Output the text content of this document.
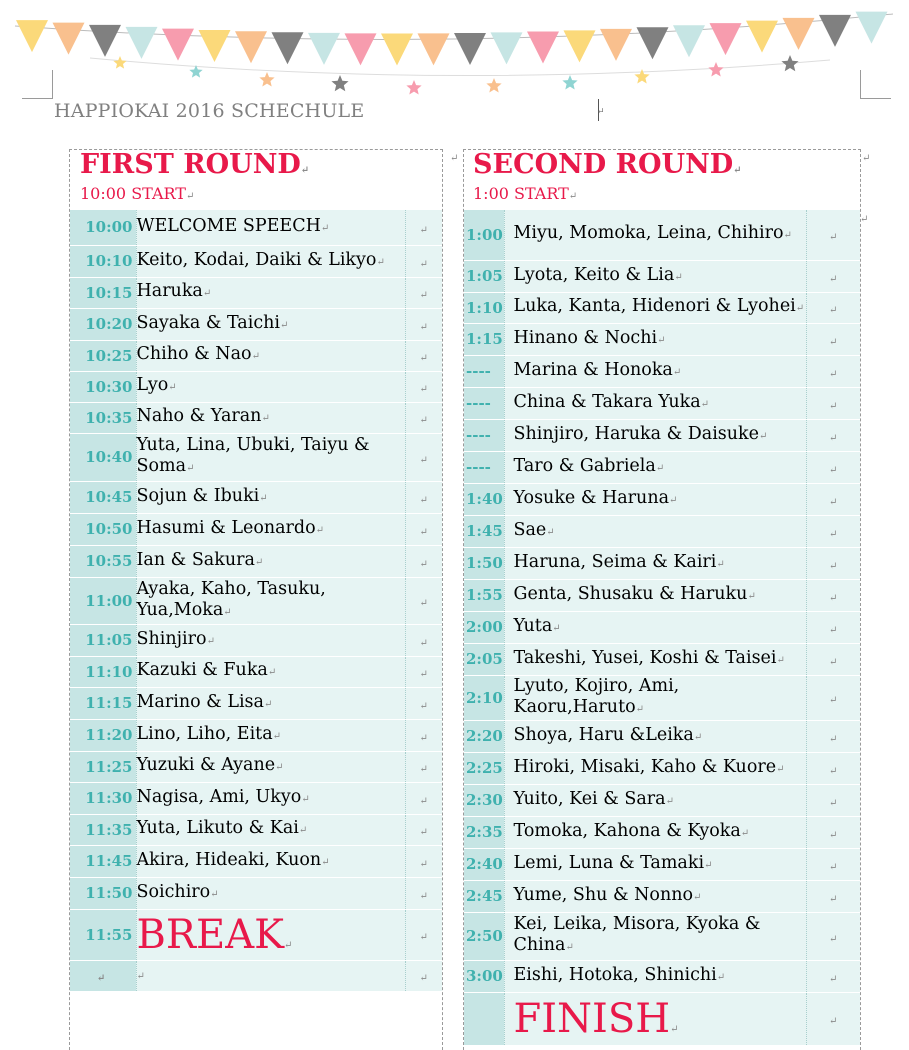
HAPPIOKAI 2016 SCHECHULE
↵
↵	↵
↵
FIRST ROUND↵
10:00 START↵
10:00	WELCOME SPEECH↵	↵
10:10	Keito, Kodai, Daiki & Likyo↵	↵
10:15	Haruka↵	↵
10:20	Sayaka & Taichi↵	↵
10:25	Chiho & Nao↵	↵
10:30	Lyo↵	↵
10:35	Naho & Yaran↵	↵
10:40	Yuta, Lina, Ubuki, Taiyu & Soma↵	↵
10:45	Sojun & Ibuki↵	↵
10:50	Hasumi & Leonardo↵	↵
10:55	Ian & Sakura↵	↵
11:00	Ayaka, Kaho, Tasuku, Yua,Moka↵	↵
11:05	Shinjiro↵	↵
11:10	Kazuki & Fuka↵	↵
11:15	Marino & Lisa↵	↵
11:20	Lino, Liho, Eita↵	↵
11:25	Yuzuki & Ayane↵	↵
11:30	Nagisa, Ami, Ukyo↵	↵
11:35	Yuta, Likuto & Kai↵	↵
11:45	Akira, Hideaki, Kuon↵	↵
11:50	Soichiro↵	↵
11:55	BREAK↵	↵
↵	↵	↵
SECOND ROUND↵
1:00 START↵
1:00	Miyu, Momoka, Leina, Chihiro↵	↵
1:05	Lyota, Keito & Lia↵	↵
1:10	Luka, Kanta, Hidenori & Lyohei↵	↵
1:15	Hinano & Nochi↵	↵
----	Marina & Honoka↵	↵
----	China & Takara Yuka↵	↵
----	Shinjiro, Haruka & Daisuke↵	↵
----	Taro & Gabriela↵	↵
1:40	Yosuke & Haruna↵	↵
1:45	Sae↵	↵
1:50	Haruna, Seima & Kairi↵	↵
1:55	Genta, Shusaku & Haruku↵	↵
2:00	Yuta↵	↵
2:05	Takeshi, Yusei, Koshi & Taisei↵	↵
2:10	Lyuto, Kojiro, Ami, Kaoru,Haruto↵	↵
2:20	Shoya, Haru &Leika↵	↵
2:25	Hiroki, Misaki, Kaho & Kuore↵	↵
2:30	Yuito, Kei & Sara↵	↵
2:35	Tomoka, Kahona & Kyoka↵	↵
2:40	Lemi, Luna & Tamaki↵	↵
2:45	Yume, Shu & Nonno↵	↵
2:50	Kei, Leika, Misora, Kyoka & China↵	↵
3:00	Eishi, Hotoka, Shinichi↵	↵
	FINISH↵	↵
